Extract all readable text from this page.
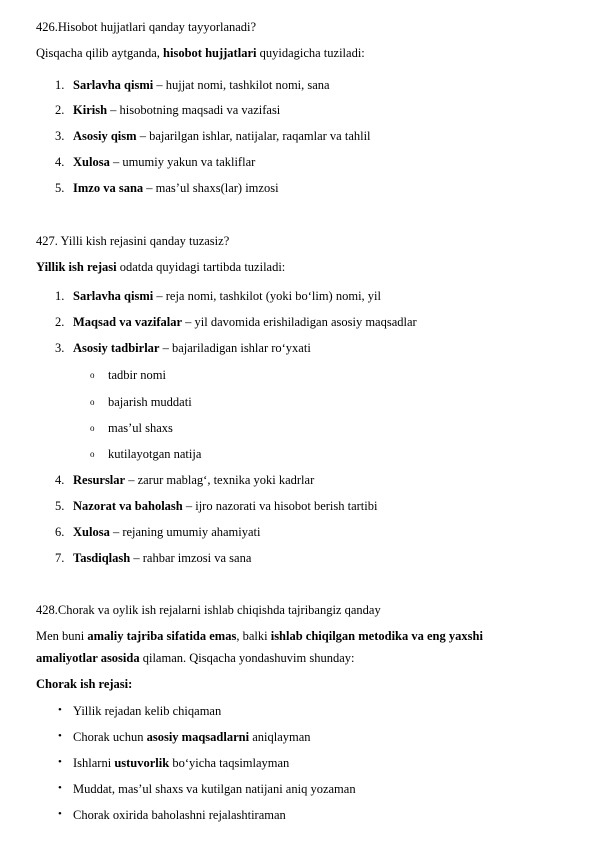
426.Hisobot hujjatlari qanday tayyorlanadi?
Qisqacha qilib aytganda, hisobot hujjatlari quyidagicha tuziladi:
1. Sarlavha qismi – hujjat nomi, tashkilot nomi, sana
2. Kirish – hisobotning maqsadi va vazifasi
3. Asosiy qism – bajarilgan ishlar, natijalar, raqamlar va tahlil
4. Xulosa – umumiy yakun va takliflar
5. Imzo va sana – mas’ul shaxs(lar) imzosi
427. Yilli kish rejasini qanday tuzasiz?
Yillik ish rejasi odatda quyidagi tartibda tuziladi:
1. Sarlavha qismi – reja nomi, tashkilot (yoki bo‘lim) nomi, yil
2. Maqsad va vazifalar – yil davomida erishiladigan asosiy maqsadlar
3. Asosiy tadbirlar – bajariladigan ishlar ro‘yxati
o tadbir nomi
o bajarish muddati
o mas’ul shaxs
o kutilayotgan natija
4. Resurslar – zarur mablag‘, texnika yoki kadrlar
5. Nazorat va baholash – ijro nazorati va hisobot berish tartibi
6. Xulosa – rejaning umumiy ahamiyati
7. Tasdiqlash – rahbar imzosi va sana
428.Chorak va oylik ish rejalarni ishlab chiqishda tajribangiz qanday
Men buni amaliy tajriba sifatida emas, balki ishlab chiqilgan metodika va eng yaxshi
amaliyotlar asosida qilaman. Qisqacha yondashuvim shunday:
Chorak ish rejasi:
• Yillik rejadan kelib chiqaman
• Chorak uchun asosiy maqsadlarni aniqlayman
• Ishlarni ustuvorlik bo‘yicha taqsimlayman
• Muddat, mas’ul shaxs va kutilgan natijani aniq yozaman
• Chorak oxirida baholashni rejalashtiraman
